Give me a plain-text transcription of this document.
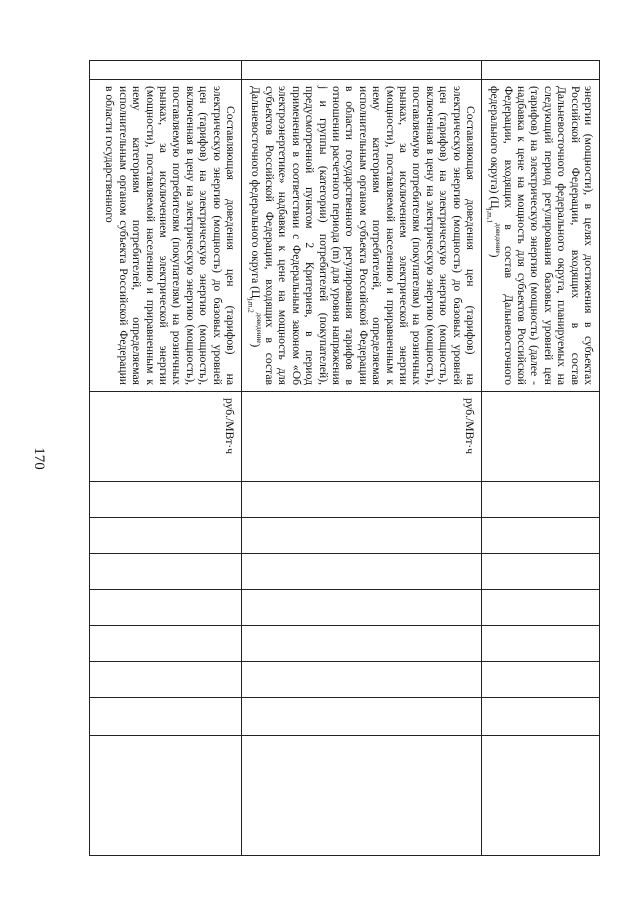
170
	энергии (мощности), в целях достижения в субъектах Российской Федерации, входящих в состав Дальневосточного федерального округа, планируемых на следующий период регулирования базовых уровней цен (тарифов) на электрическую энергию (мощность) (далее - надбавка к цене на мощность для субъектов Российской Федерации, входящих в состав Дальневосточного федерального округа) $(Ц_{j,m,1}^{доведение})$									

	Составляющая доведения цен (тарифов) на электрическую энергию (мощность) до базовых уровней цен (тарифов) на электрическую энергию (мощность), включенная в цену на электрическую энергию (мощность), поставляемую потребителям (покупателям) на розничных рынках, за исключением электрической энергии (мощности), поставляемой населению и приравненным к нему категориям потребителей, определяемая исполнительным органом субъекта Российской Федерации в области государственного регулирования тарифов в отношении расчетного периода (m) для уровня напряжения j и группы (категории) потребителей (покупателей), предусмотренной пунктом 2 Критериев, в период применения в соответствии с Федеральным законом «Об электроэнергетике» надбавки к цене на мощность для субъектов Российской Федерации, входящих в состав Дальневосточного федерального округа $(Ц_{j,m,2}^{доведение})$	руб./МВт·ч								

	Составляющая доведения цен (тарифов) на электрическую энергию (мощность) до базовых уровней цен (тарифов) на электрическую энергию (мощность), включенная в цену на электрическую энергию (мощность), поставляемую потребителям (покупателям) на розничных рынках, за исключением электрической энергии (мощности), поставляемой населению и приравненным к нему категориям потребителей, определяемая исполнительным органом субъекта Российской Федерации в области государственного	руб./МВт·ч								
